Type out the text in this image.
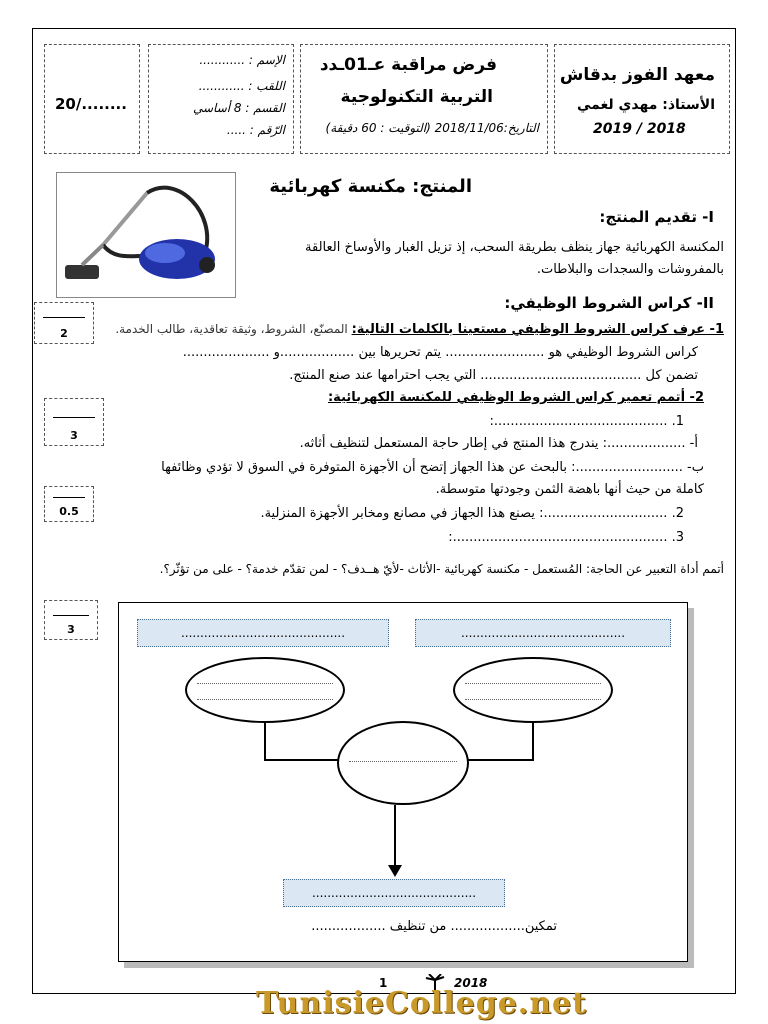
20/........
الإسم : ............
اللقب : ............
القسم : 8 أساسي
الرّقم : .....
فرض مراقبة عـ01ـدد
التربية التكنولوجية
التاريخ:2018/11/06 (التوقيت : 60 دقيقة)
معهد الفوز بدقاش
الأستاذ: مهدي لغمي
2019 / 2018
المنتج: مكنسة كهربائية
I- تقديم المنتج:
المكنسة الكهربائية جهاز ينظف بطريقة السحب، إذ تزيل الغبار والأوساخ العالقة
بالمفروشات والسجدات والبلاطات.
II- كراس الشروط الوظيفي:
2	1- عرف كراس الشروط الوظيفي مستعينا بالكلمات التالية: المصنّع، الشروط، وثيقة تعاقدية، طالب الخدمة.
كراس الشروط الوظيفي هو ........................ يتم تحريرها بين ..................و .....................
تضمن كل ....................................... التي يجب احترامها عند صنع المنتج.
2- أتمم تعمير كراس الشروط الوظيفي للمكنسة الكهربائية:
3
1. ..........................................:
أ- ...................: يندرج هذا المنتج في إطار حاجة المستعمل لتنظيف أثاثه.
ب- ..........................: بالبحث عن هذا الجهاز إتضح أن الأجهزة المتوفرة في السوق لا تؤدي وظائفها
كاملة من حيث أنها باهضة الثمن وجودتها متوسطة.
0.5	2. ..............................: يصنع هذا الجهاز في مصانع ومخابر الأجهزة المنزلية.
3. ....................................................:
أتمم أداة التعبير عن الحاجة: المُستعمل - مكنسة كهربائية -الأثاث -لأيّ هــدف؟ - لمن تقدّم خدمة؟ - على من تؤثّر؟.
3	...........................................	...........................................
...........................................
تمكين.................. من تنظيف ..................
1	2018
TunisieCollege.net
